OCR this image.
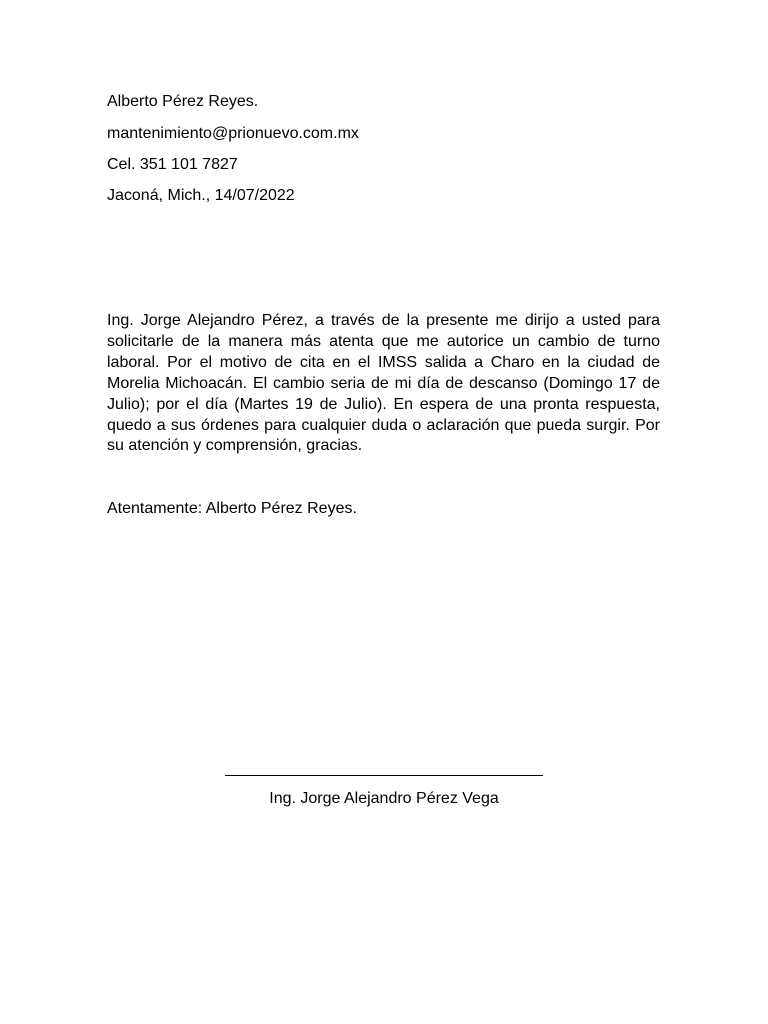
Alberto Pérez Reyes.

mantenimiento@prionuevo.com.mx

Cel. 351 101 7827

Jaconá, Mich., 14/07/2022

Ing. Jorge Alejandro Pérez, a través de la presente me dirijo a usted para solicitarle de la manera más atenta que me autorice un cambio de turno laboral. Por el motivo de cita en el IMSS salida a Charo en la ciudad de Morelia Michoacán. El cambio seria de mi día de descanso (Domingo 17 de Julio); por el día (Martes 19 de Julio). En espera de una pronta respuesta, quedo a sus órdenes para cualquier duda o aclaración que pueda surgir. Por su atención y comprensión, gracias.

Atentamente: Alberto Pérez Reyes.

Ing. Jorge Alejandro Pérez Vega
